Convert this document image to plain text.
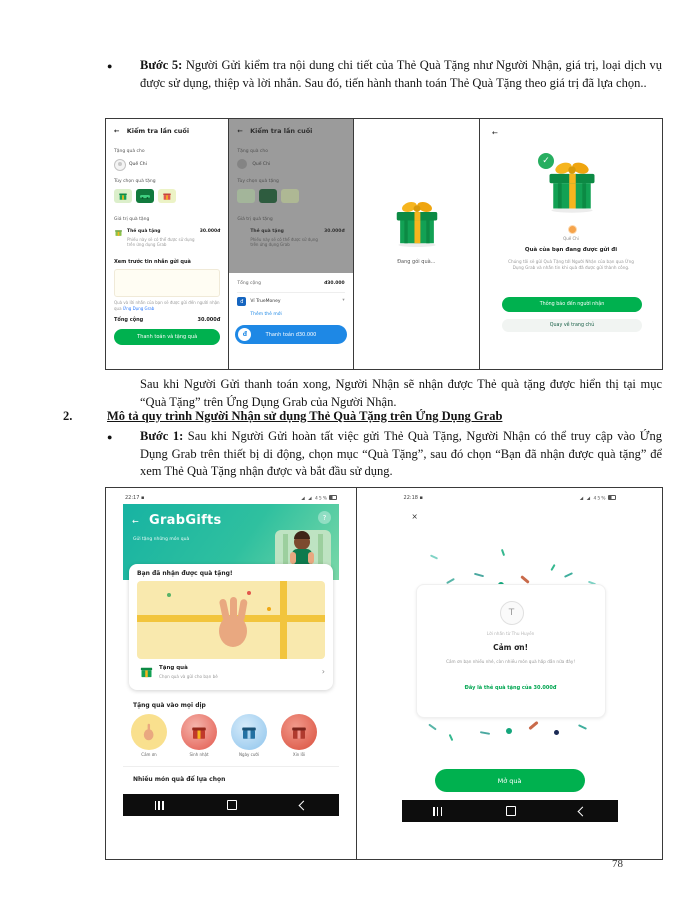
● Bước 5: Người Gửi kiểm tra nội dung chi tiết của Thẻ Quà Tặng như Người Nhận, giá trị, loại dịch vụ được sử dụng, thiệp và lời nhắn. Sau đó, tiến hành thanh toán Thẻ Quà Tặng theo giá trị đã lựa chọn..
← Kiểm tra lần cuối
Tặng quà cho
Quế Chi
Tùy chọn quà tặng
Giá trị quà tặng
Thẻ quà tặng	30.000đ
Phiếu này sẽ có thể được sử dụng trên ứng dụng Grab
Xem trước tin nhắn gửi quà
Quà và lời nhắn của bạn sẽ được gửi đến người nhận qua Ứng Dụng Grab
Tổng cộng	30.000đ
Thanh toán và tặng quà
← Kiểm tra lần cuối
Tặng quà cho
Quế Chi
Tùy chọn quà tặng
Giá trị quà tặng
Thẻ quà tặng	30.000đ
Phiếu này sẽ có thể được sử dụng trên ứng dụng Grab
Tổng cộng	đ30.000
đ Ví TrueMoney	▾
Thêm thẻ mới
đ	Thanh toán đ30.000
Đang gói quà...
←
✓
Quế Chi
Quà của bạn đang được gửi đi
Chúng tôi sẽ gửi Quà Tặng tới Người Nhận của bạn qua Ứng Dụng Grab và nhắn tin khi quà đã được gửi thành công.
Thông báo đến người nhận
Quay về trang chủ
Sau khi Người Gửi thanh toán xong, Người Nhận sẽ nhận được Thẻ quà tặng được hiển thị tại mục “Quà Tặng” trên Ứng Dụng Grab của Người Nhận.
2.	Mô tả quy trình Người Nhận sử dụng Thẻ Quà Tặng trên Ứng Dụng Grab
● Bước 1: Sau khi Người Gửi hoàn tất việc gửi Thẻ Quà Tặng, Người Nhận có thể truy cập vào Ứng Dụng Grab trên thiết bị di động, chọn mục “Quà Tặng”, sau đó chọn “Bạn đã nhận được quà tặng” để xem Thẻ Quà Tặng nhận được và bắt đầu sử dụng.
22:17 ▪	◢ ◢ 45%
← GrabGifts	?
Gửi tặng những món quà
Bạn đã nhận được quà tặng!
Tặng quà
Chọn quà và gửi cho bạn bè
›
Tặng quà vào mọi dịp
Cảm ơn	Sinh nhật	Ngày cưới	Xin lỗi
Nhiều món quà để lựa chọn
22:18 ▪	◢ ◢ 45%
×
T
Lời nhắn từ Thu Huyền
Cảm ơn!
Cảm ơn bạn nhiều nhé, còn nhiều món quà hấp dẫn nữa đây!
Đây là thẻ quà tặng của 30.000đ
Mở quà
78
